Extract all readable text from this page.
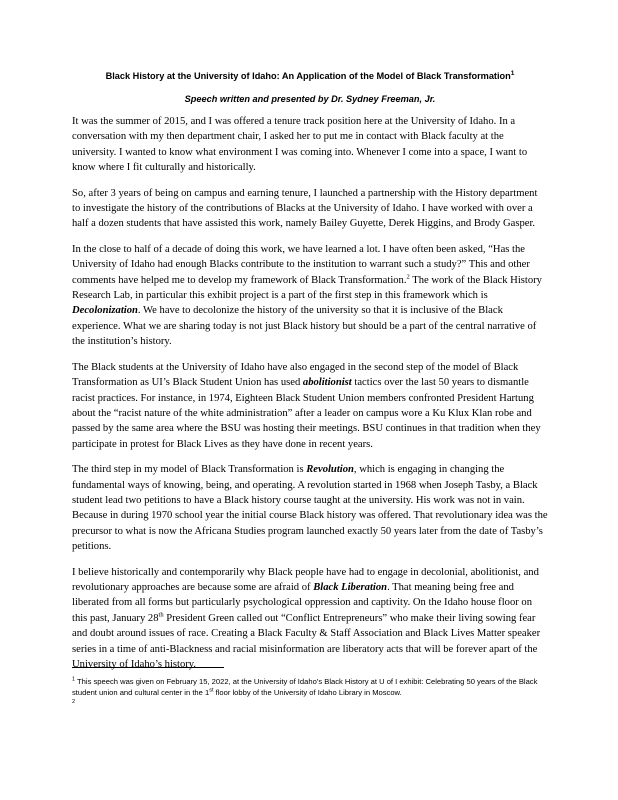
Black History at the University of Idaho: An Application of the Model of Black Transformation$^1$
Speech written and presented by Dr. Sydney Freeman, Jr.

It was the summer of 2015, and I was offered a tenure track position here at the University of Idaho. In a conversation with my then department chair, I asked her to put me in contact with Black faculty at the university. I wanted to know what environment I was coming into. Whenever I come into a space, I want to know where I fit culturally and historically.

So, after 3 years of being on campus and earning tenure, I launched a partnership with the History department to investigate the history of the contributions of Blacks at the University of Idaho. I have worked with over a half a dozen students that have assisted this work, namely Bailey Guyette, Derek Higgins, and Brody Gasper.

In the close to half of a decade of doing this work, we have learned a lot. I have often been asked, “Has the University of Idaho had enough Blacks contribute to the institution to warrant such a study?” This and other comments have helped me to develop my framework of Black Transformation.$^2$ The work of the Black History Research Lab, in particular this exhibit project is a part of the first step in this framework which is Decolonization. We have to decolonize the history of the university so that it is inclusive of the Black experience. What we are sharing today is not just Black history but should be a part of the central narrative of the institution’s history.

The Black students at the University of Idaho have also engaged in the second step of the model of Black Transformation as UI’s Black Student Union has used abolitionist tactics over the last 50 years to dismantle racist practices. For instance, in 1974, Eighteen Black Student Union members confronted President Hartung about the “racist nature of the white administration” after a leader on campus wore a Ku Klux Klan robe and passed by the same area where the BSU was hosting their meetings. BSU continues in that tradition when they participate in protest for Black Lives as they have done in recent years.

The third step in my model of Black Transformation is Revolution, which is engaging in changing the fundamental ways of knowing, being, and operating. A revolution started in 1968 when Joseph Tasby, a Black student lead two petitions to have a Black history course taught at the university. His work was not in vain. Because in during 1970 school year the initial course Black history was offered. That revolutionary idea was the precursor to what is now the Africana Studies program launched exactly 50 years later from the date of Tasby’s petitions.

I believe historically and contemporarily why Black people have had to engage in decolonial, abolitionist, and revolutionary approaches are because some are afraid of Black Liberation. That meaning being free and liberated from all forms but particularly psychological oppression and captivity. On the Idaho house floor on this past, January 28th President Green called out “Conflict Entrepreneurs” who make their living sowing fear and doubt around issues of race. Creating a Black Faculty & Staff Association and Black Lives Matter speaker series in a time of anti-Blackness and racial misinformation are liberatory acts that will be forever apart of the University of Idaho’s history.

$^1$ This speech was given on February 15, 2022, at the University of Idaho’s Black History at U of I exhibit: Celebrating 50 years of the Black student union and cultural center in the 1st floor lobby of the University of Idaho Library in Moscow.
2
